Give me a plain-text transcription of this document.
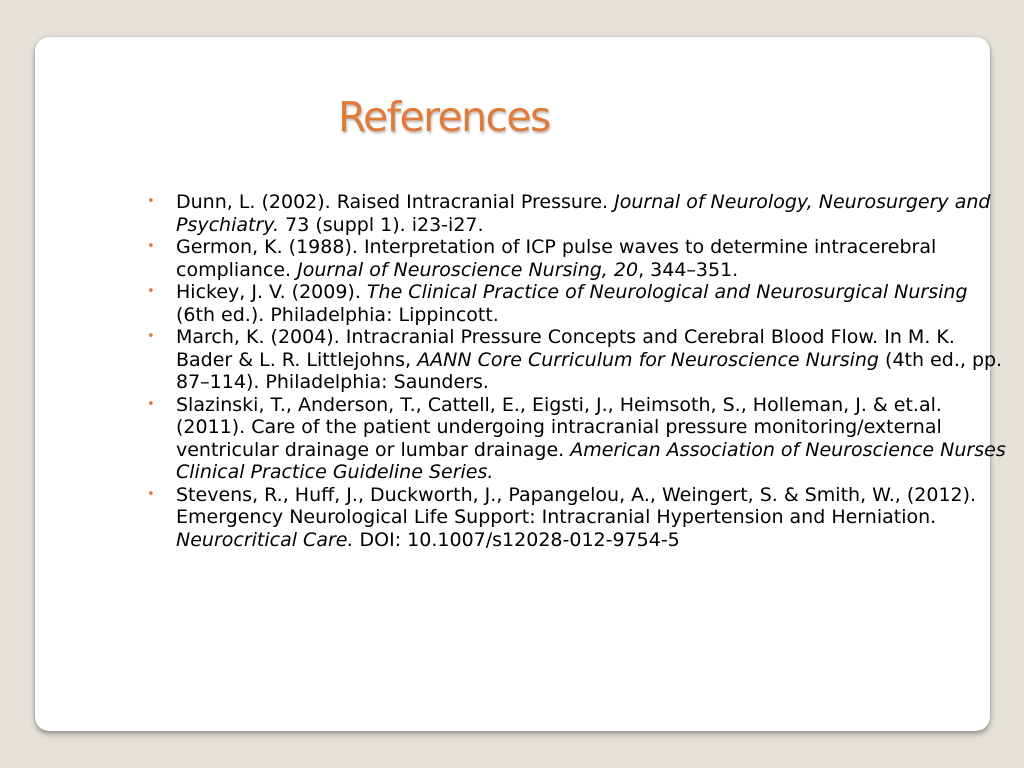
References
• Dunn, L. (2002). Raised Intracranial Pressure. Journal of Neurology, Neurosurgery and Psychiatry. 73 (suppl 1). i23-i27.
• Germon, K. (1988). Interpretation of ICP pulse waves to determine intracerebral compliance. Journal of Neuroscience Nursing, 20, 344–351.
• Hickey, J. V. (2009). The Clinical Practice of Neurological and Neurosurgical Nursing (6th ed.). Philadelphia: Lippincott.
• March, K. (2004). Intracranial Pressure Concepts and Cerebral Blood Flow. In M. K. Bader & L. R. Littlejohns, AANN Core Curriculum for Neuroscience Nursing (4th ed., pp. 87–114). Philadelphia: Saunders.
• Slazinski, T., Anderson, T., Cattell, E., Eigsti, J., Heimsoth, S., Holleman, J. & et.al. (2011). Care of the patient undergoing intracranial pressure monitoring/external ventricular drainage or lumbar drainage. American Association of Neuroscience Nurses Clinical Practice Guideline Series.
• Stevens, R., Huff, J., Duckworth, J., Papangelou, A., Weingert, S. & Smith, W., (2012). Emergency Neurological Life Support: Intracranial Hypertension and Herniation. Neurocritical Care. DOI: 10.1007/s12028-012-9754-5
